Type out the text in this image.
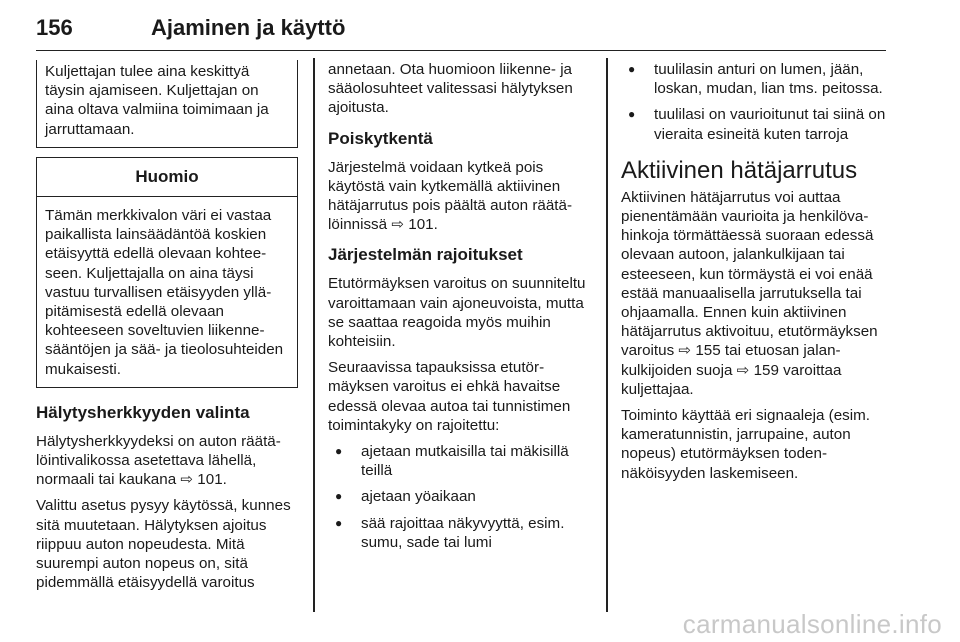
156	Ajaminen ja käyttö
Kuljettajan tulee aina keskittyä täysin ajamiseen. Kuljettajan on aina oltava valmiina toimimaan ja jarruttamaan.
Huomio
Tämän merkkivalon väri ei vastaa paikallista lainsäädäntöä koskien etäisyyttä edellä olevaan kohteeseen. Kuljettajalla on aina täysi vastuu turvallisen etäisyyden ylläpitämisestä edellä olevaan kohteeseen soveltuvien liikennesääntöjen ja sää- ja tieolosuhteiden mukaisesti.
Hälytysherkkyyden valinta

Hälytysherkkyydeksi on auton räätälöintivalikossa asetettava lähellä, normaali tai kaukana ⇨ 101.

Valittu asetus pysyy käytössä, kunnes sitä muutetaan. Hälytyksen ajoitus riippuu auton nopeudesta. Mitä suurempi auton nopeus on, sitä pidemmällä etäisyydellä varoitus

annetaan. Ota huomioon liikenne- ja sääolosuhteet valitessasi hälytyksen ajoitusta.

Poiskytkentä

Järjestelmä voidaan kytkeä pois käytöstä vain kytkemällä aktiivinen hätäjarrutus pois päältä auton räätälöinnissä ⇨ 101.

Järjestelmän rajoitukset

Etutörmäyksen varoitus on suunniteltu varoittamaan vain ajoneuvoista, mutta se saattaa reagoida myös muihin kohteisiin.

Seuraavissa tapauksissa etutörmäyksen varoitus ei ehkä havaitse edessä olevaa autoa tai tunnistimen toimintakyky on rajoitettu:

● ajetaan mutkaisilla tai mäkisillä teillä
● ajetaan yöaikaan
● sää rajoittaa näkyvyyttä, esim. sumu, sade tai lumi
● tuulilasin anturi on lumen, jään, loskan, mudan, lian tms. peitossa.
● tuulilasi on vaurioitunut tai siinä on vieraita esineitä kuten tarroja
Aktiivinen hätäjarrutus

Aktiivinen hätäjarrutus voi auttaa pienentämään vaurioita ja henkilövahinkoja törmättäessä suoraan edessä olevaan autoon, jalankulkijaan tai esteeseen, kun törmäystä ei voi enää estää manuaalisella jarrutuksella tai ohjaamalla. Ennen kuin aktiivinen hätäjarrutus aktivoituu, etutörmäyksen varoitus ⇨ 155 tai etuosan jalankulkijoiden suoja ⇨ 159 varoittaa kuljettajaa.

Toiminto käyttää eri signaaleja (esim. kameratunnistin, jarrupaine, auton nopeus) etutörmäyksen todennäköisyyden laskemiseen.

carmanualsonline.info
